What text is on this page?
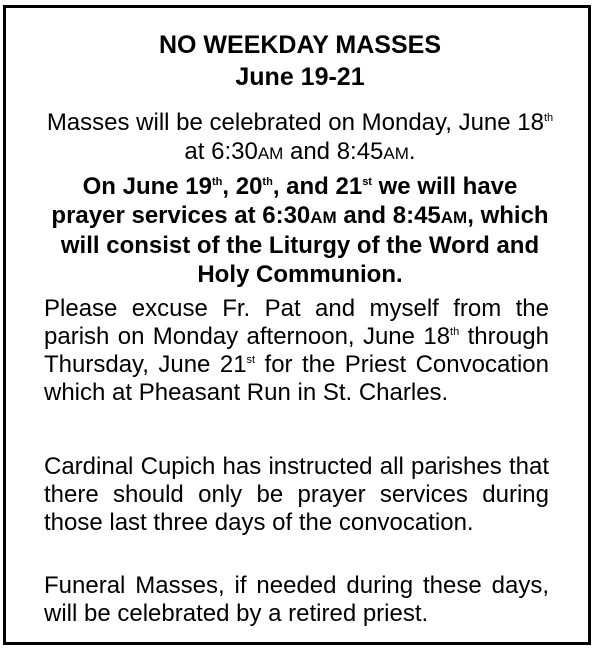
NO WEEKDAY MASSES
June 19-21
Masses will be celebrated on Monday, June 18th at 6:30AM and 8:45AM.
On June 19th, 20th, and 21st we will have prayer services at 6:30AM and 8:45AM, which will consist of the Liturgy of the Word and Holy Communion.
Please excuse Fr. Pat and myself from the parish on Monday afternoon, June 18th through Thursday, June 21st for the Priest Convocation which at Pheasant Run in St. Charles.
Cardinal Cupich has instructed all parishes that there should only be prayer services during those last three days of the convocation.
Funeral Masses, if needed during these days, will be celebrated by a retired priest.
